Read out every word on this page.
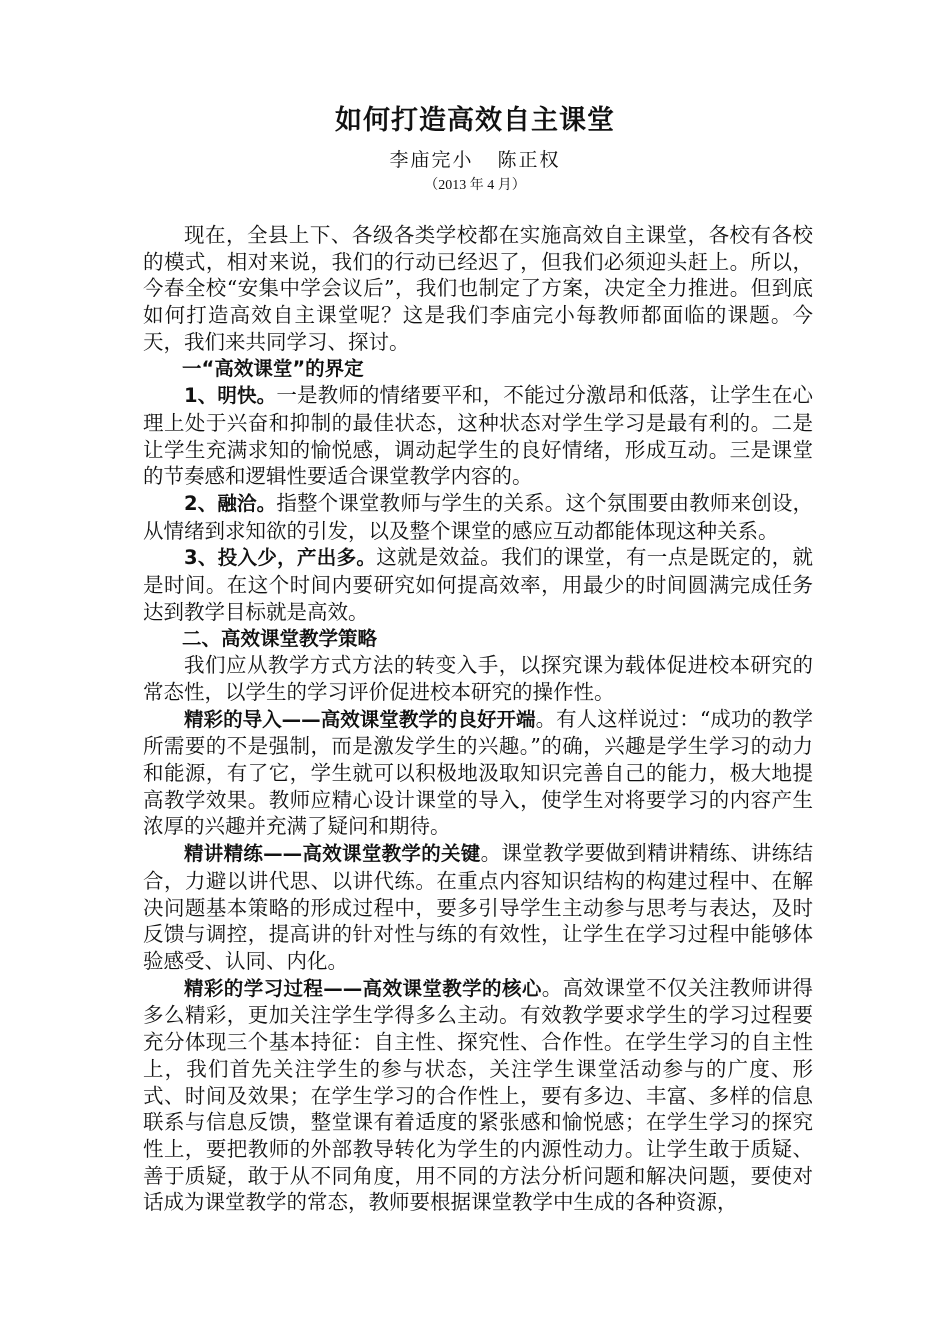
如何打造高效自主课堂
李庙完小   陈正权
（2013 年 4 月）

现在，全县上下、各级各类学校都在实施高效自主课堂，各校有各校的模式，相对来说，我们的行动已经迟了，但我们必须迎头赶上。所以，今春全校“安集中学会议后”，我们也制定了方案，决定全力推进。但到底如何打造高效自主课堂呢？这是我们李庙完小每教师都面临的课题。今天，我们来共同学习、探讨。

一“高效课堂”的界定

1、明快。一是教师的情绪要平和，不能过分激昂和低落，让学生在心理上处于兴奋和抑制的最佳状态，这种状态对学生学习是最有利的。二是让学生充满求知的愉悦感，调动起学生的良好情绪，形成互动。三是课堂的节奏感和逻辑性要适合课堂教学内容的。

2、融洽。指整个课堂教师与学生的关系。这个氛围要由教师来创设，从情绪到求知欲的引发，以及整个课堂的感应互动都能体现这种关系。

3、投入少，产出多。这就是效益。我们的课堂，有一点是既定的，就是时间。在这个时间内要研究如何提高效率，用最少的时间圆满完成任务达到教学目标就是高效。

二、高效课堂教学策略

我们应从教学方式方法的转变入手，以探究课为载体促进校本研究的常态性，以学生的学习评价促进校本研究的操作性。

精彩的导入——高效课堂教学的良好开端。有人这样说过：“成功的教学所需要的不是强制，而是激发学生的兴趣。”的确，兴趣是学生学习的动力和能源，有了它，学生就可以积极地汲取知识完善自己的能力，极大地提高教学效果。教师应精心设计课堂的导入，使学生对将要学习的内容产生浓厚的兴趣并充满了疑问和期待。

精讲精练——高效课堂教学的关键。课堂教学要做到精讲精练、讲练结合，力避以讲代思、以讲代练。在重点内容知识结构的构建过程中、在解决问题基本策略的形成过程中，要多引导学生主动参与思考与表达，及时反馈与调控，提高讲的针对性与练的有效性，让学生在学习过程中能够体验感受、认同、内化。

精彩的学习过程——高效课堂教学的核心。高效课堂不仅关注教师讲得多么精彩，更加关注学生学得多么主动。有效教学要求学生的学习过程要充分体现三个基本持征：自主性、探究性、合作性。在学生学习的自主性上，我们首先关注学生的参与状态，关注学生课堂活动参与的广度、形式、时间及效果；在学生学习的合作性上，要有多边、丰富、多样的信息联系与信息反馈，整堂课有着适度的紧张感和愉悦感；在学生学习的探究性上，要把教师的外部教导转化为学生的内源性动力。让学生敢于质疑、善于质疑，敢于从不同角度，用不同的方法分析问题和解决问题，要使对话成为课堂教学的常态，教师要根据课堂教学中生成的各种资源，
